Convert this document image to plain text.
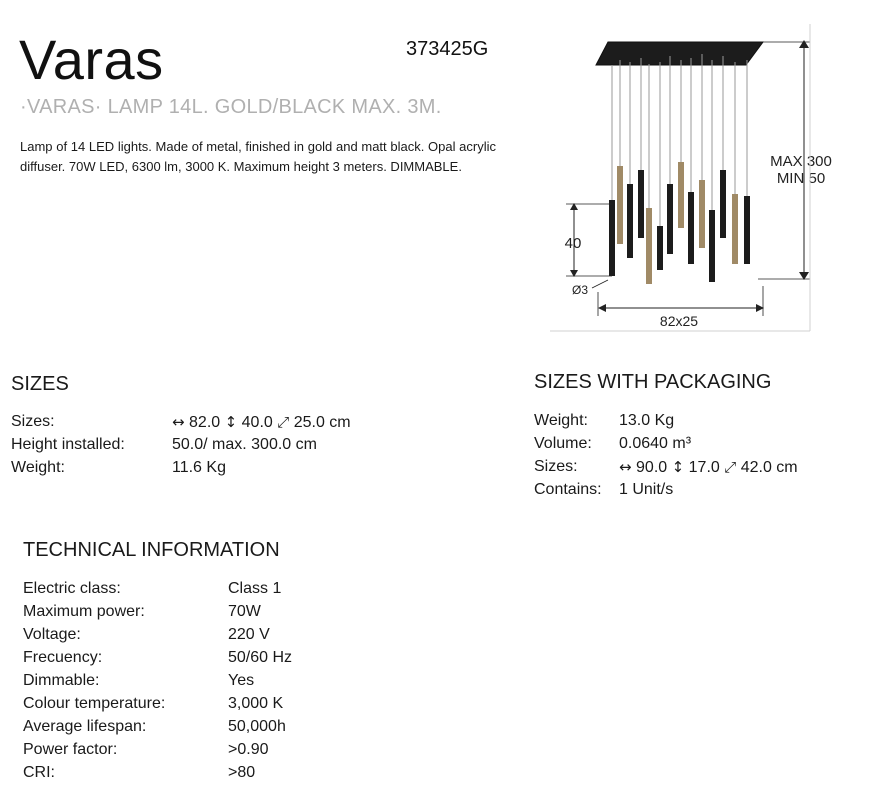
Varas	373425G
·VARAS· LAMP 14L. GOLD/BLACK MAX. 3M.
Lamp of 14 LED lights. Made of metal, finished in gold and matt black. Opal acrylic diffuser. 70W LED, 6300 lm, 3000 K. Maximum height 3 meters. DIMMABLE.	MAX 300
MIN 50
40
Ø3
82x25
SIZES
Sizes:	↔ 82.0 ↕ 40.0 ⤢ 25.0 cm
Height installed:	50.0/ max. 300.0 cm
Weight:	11.6 Kg
SIZES WITH PACKAGING
Weight: 13.0 Kg
Volume: 0.0640 m³
Sizes:	↔ 90.0 ↕ 17.0 ⤢ 42.0 cm
Contains: 1 Unit/s
TECHNICAL INFORMATION
Electric class:	Class 1
Maximum power:	70W
Voltage:	220 V
Frecuency:	50/60 Hz
Dimmable:	Yes
Colour temperature:	3,000 K
Average lifespan:	50,000h
Power factor:	>0.90
CRI:	>80
